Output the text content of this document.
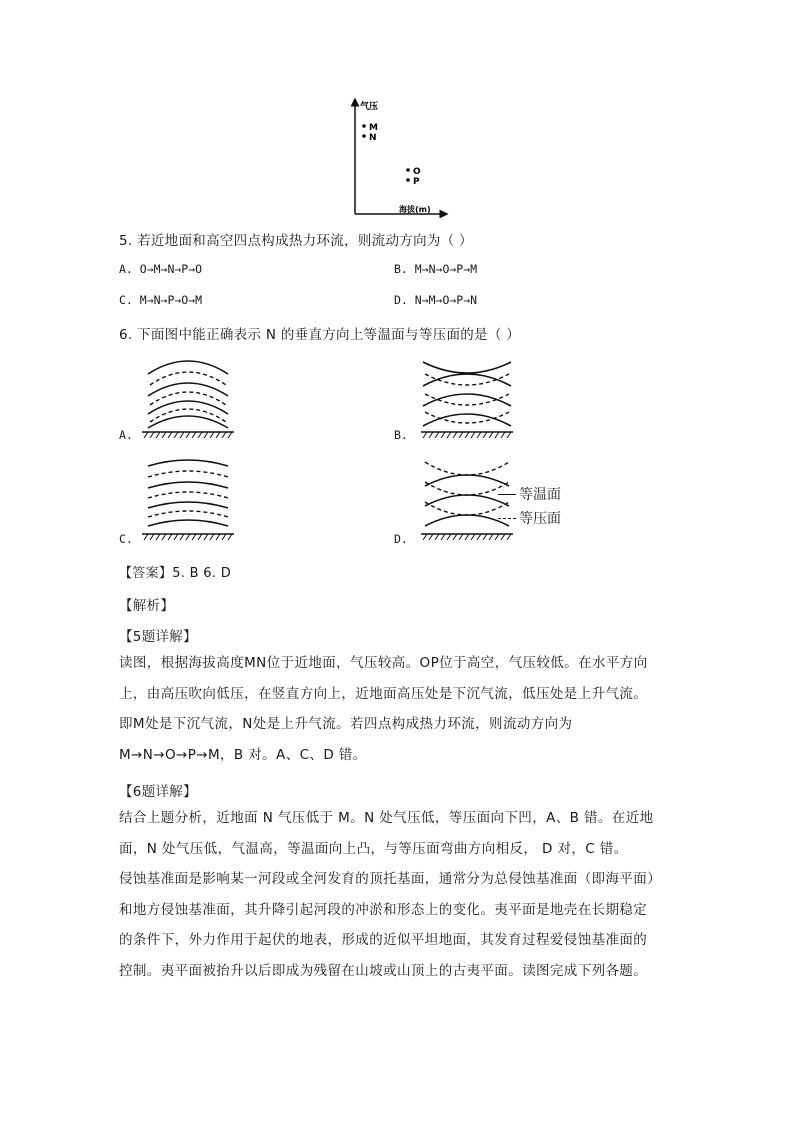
气压
海拔(m)
M
N
O
P
5. 若近地面和高空四点构成热力环流，则流动方向为（ ）
A. O→M→N→P→O	B. M→N→O→P→M
C. M→N→P→O→M	D. N→M→O→P→N
6. 下面图中能正确表示 N 的垂直方向上等温面与等压面的是（ ）
A.	B.
C.	D.
等温面
等压面
【答案】5. B 6. D
【解析】
【5题详解】
读图，根据海拔高度MN位于近地面，气压较高。OP位于高空，气压较低。在水平方向上，由高压吹向低压，在竖直方向上，近地面高压处是下沉气流，低压处是上升气流。即M处是下沉气流，N处是上升气流。若四点构成热力环流，则流动方向为 M→N→O→P→M，B 对。A、C、D 错。
【6题详解】
结合上题分析，近地面 N 气压低于 M。N 处气压低，等压面向下凹，A、B 错。在近地面，N 处气压低，气温高，等温面向上凸，与等压面弯曲方向相反， D 对，C 错。
侵蚀基准面是影响某一河段或全河发育的顶托基面，通常分为总侵蚀基准面（即海平面）和地方侵蚀基准面，其升降引起河段的冲淤和形态上的变化。夷平面是地壳在长期稳定的条件下，外力作用于起伏的地表，形成的近似平坦地面，其发育过程爱侵蚀基准面的控制。夷平面被抬升以后即成为残留在山坡或山顶上的古夷平面。读图完成下列各题。
